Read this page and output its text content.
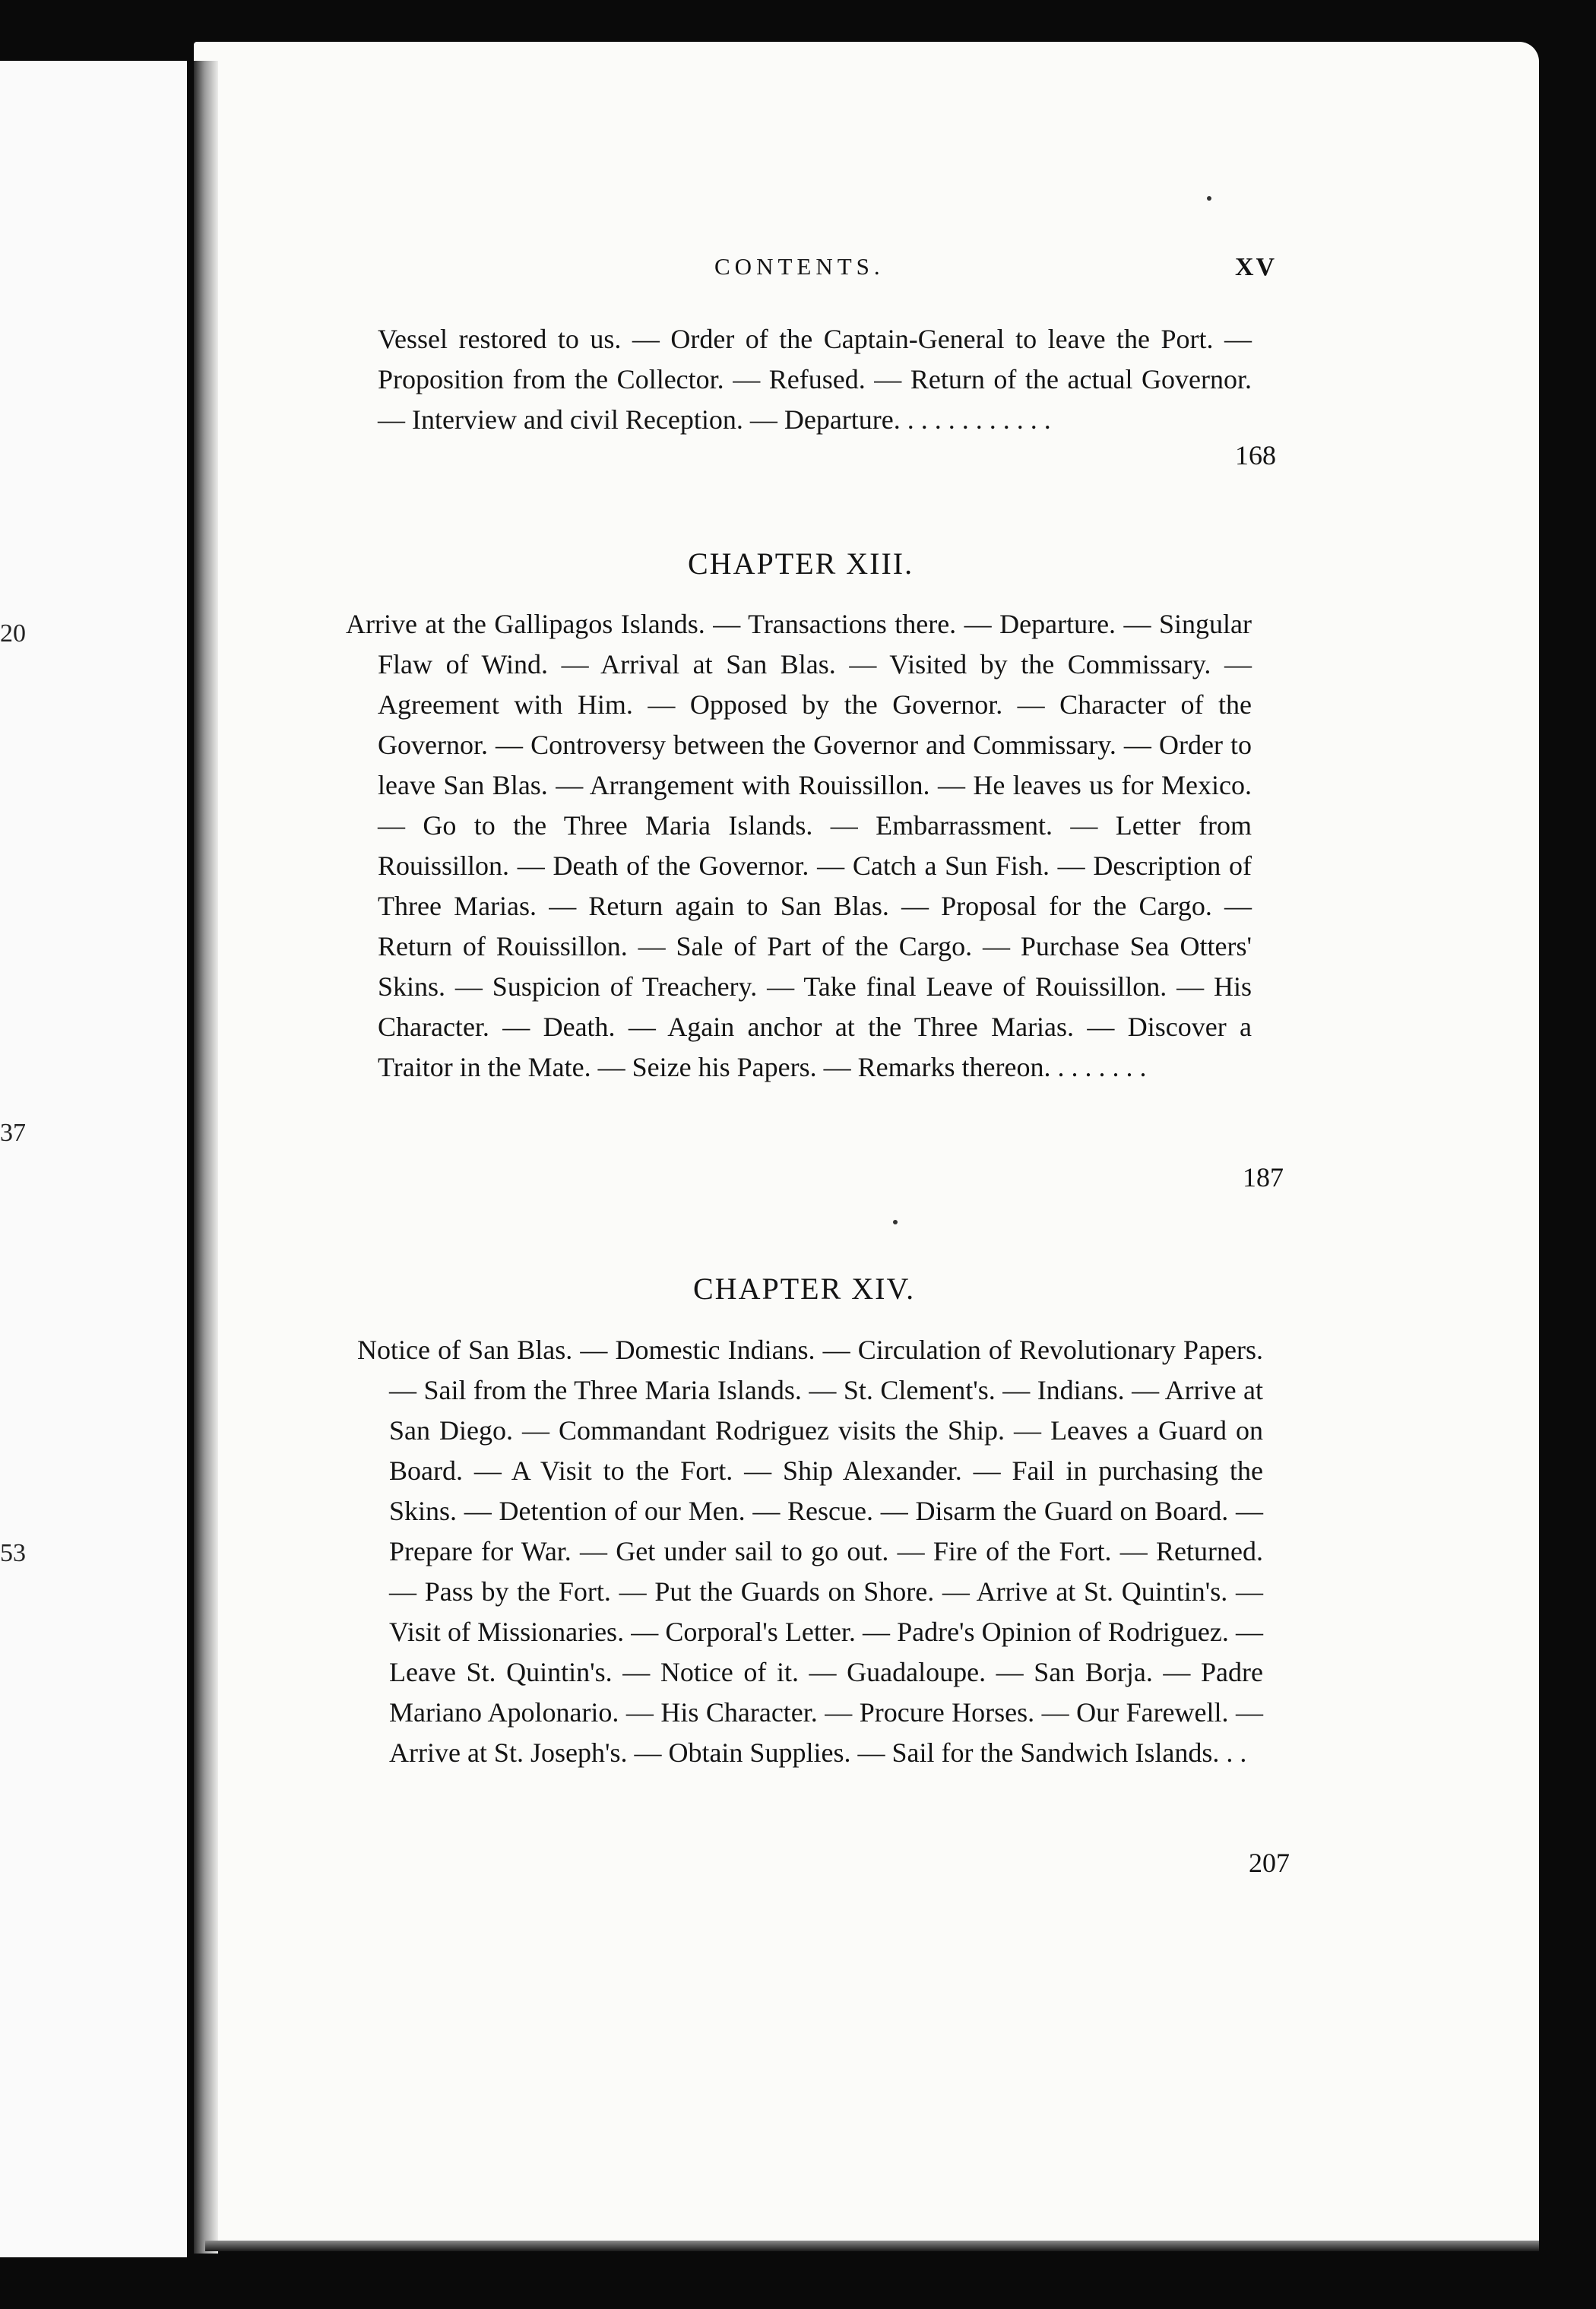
20
37
53
CONTENTS.	XV
Vessel restored to us. — Order of the Captain-General to leave the Port. — Proposition from the Collector. — Refused. — Return of the actual Governor. — Interview and civil Reception. — Departure. . . . . . . . . . . .
168
CHAPTER XIII.
Arrive at the Gallipagos Islands. — Transactions there. — Departure. — Singular Flaw of Wind. — Arrival at San Blas. — Visited by the Commissary. — Agreement with Him. — Opposed by the Governor. — Character of the Governor. — Controversy between the Governor and Commissary. — Order to leave San Blas. — Arrangement with Rouissillon. — He leaves us for Mexico. — Go to the Three Maria Islands. — Embarrassment. — Letter from Rouissillon. — Death of the Governor. — Catch a Sun Fish. — Description of Three Marias. — Return again to San Blas. — Proposal for the Cargo. — Return of Rouissillon. — Sale of Part of the Cargo. — Purchase Sea Otters' Skins. — Suspicion of Treachery. — Take final Leave of Rouissillon. — His Character. — Death. — Again anchor at the Three Marias. — Discover a Traitor in the Mate. — Seize his Papers. — Remarks thereon. . . . . . . .
187
CHAPTER XIV.
Notice of San Blas. — Domestic Indians. — Circulation of Revolutionary Papers. — Sail from the Three Maria Islands. — St. Clement's. — Indians. — Arrive at San Diego. — Commandant Rodriguez visits the Ship. — Leaves a Guard on Board. — A Visit to the Fort. — Ship Alexander. — Fail in purchasing the Skins. — Detention of our Men. — Rescue. — Disarm the Guard on Board. — Prepare for War. — Get under sail to go out. — Fire of the Fort. — Returned. — Pass by the Fort. — Put the Guards on Shore. — Arrive at St. Quintin's. — Visit of Missionaries. — Corporal's Letter. — Padre's Opinion of Rodriguez. — Leave St. Quintin's. — Notice of it. — Guadaloupe. — San Borja. — Padre Mariano Apolonario. — His Character. — Procure Horses. — Our Farewell. — Arrive at St. Joseph's. — Obtain Supplies. — Sail for the Sandwich Islands. . .
207
